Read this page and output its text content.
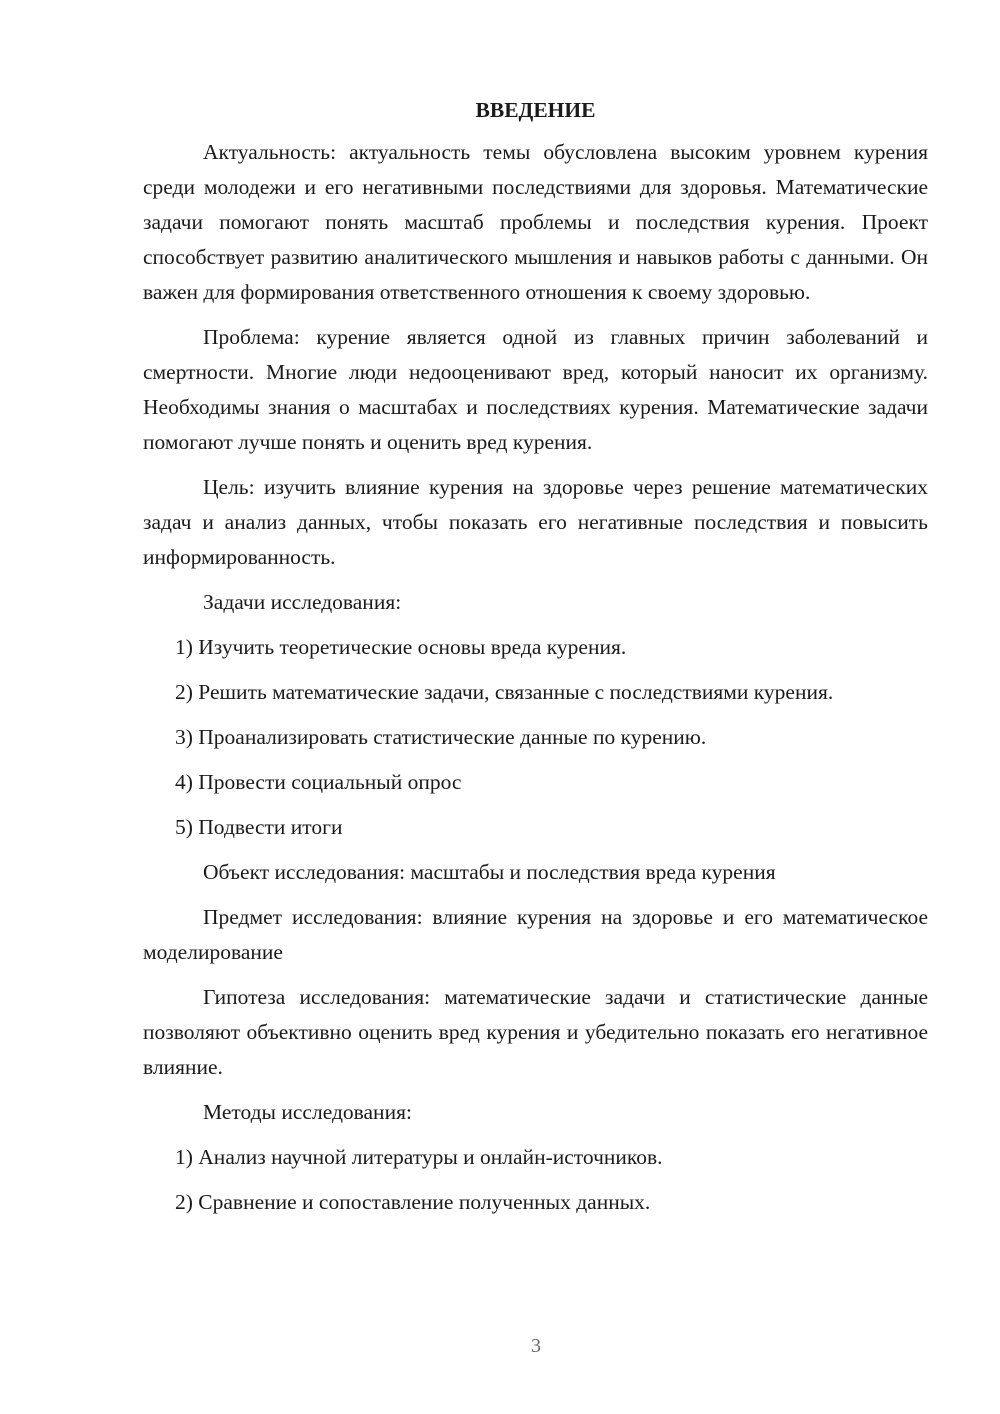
ВВЕДЕНИЕ

Актуальность: актуальность темы обусловлена высоким уровнем курения среди молодежи и его негативными последствиями для здоровья. Математические задачи помогают понять масштаб проблемы и последствия курения. Проект способствует развитию аналитического мышления и навыков работы с данными. Он важен для формирования ответственного отношения к своему здоровью.

Проблема: курение является одной из главных причин заболеваний и смертности. Многие люди недооценивают вред, который наносит их организму. Необходимы знания о масштабах и последствиях курения. Математические задачи помогают лучше понять и оценить вред курения.

Цель: изучить влияние курения на здоровье через решение математических задач и анализ данных, чтобы показать его негативные последствия и повысить информированность.

Задачи исследования:

1) Изучить теоретические основы вреда курения.

2) Решить математические задачи, связанные с последствиями курения.

3) Проанализировать статистические данные по курению.

4) Провести социальный опрос

5) Подвести итоги

Объект исследования: масштабы и последствия вреда курения

Предмет исследования: влияние курения на здоровье и его математическое моделирование

Гипотеза исследования: математические задачи и статистические данные позволяют объективно оценить вред курения и убедительно показать его негативное влияние.

Методы исследования:

1) Анализ научной литературы и онлайн-источников.

2) Сравнение и сопоставление полученных данных.

3
